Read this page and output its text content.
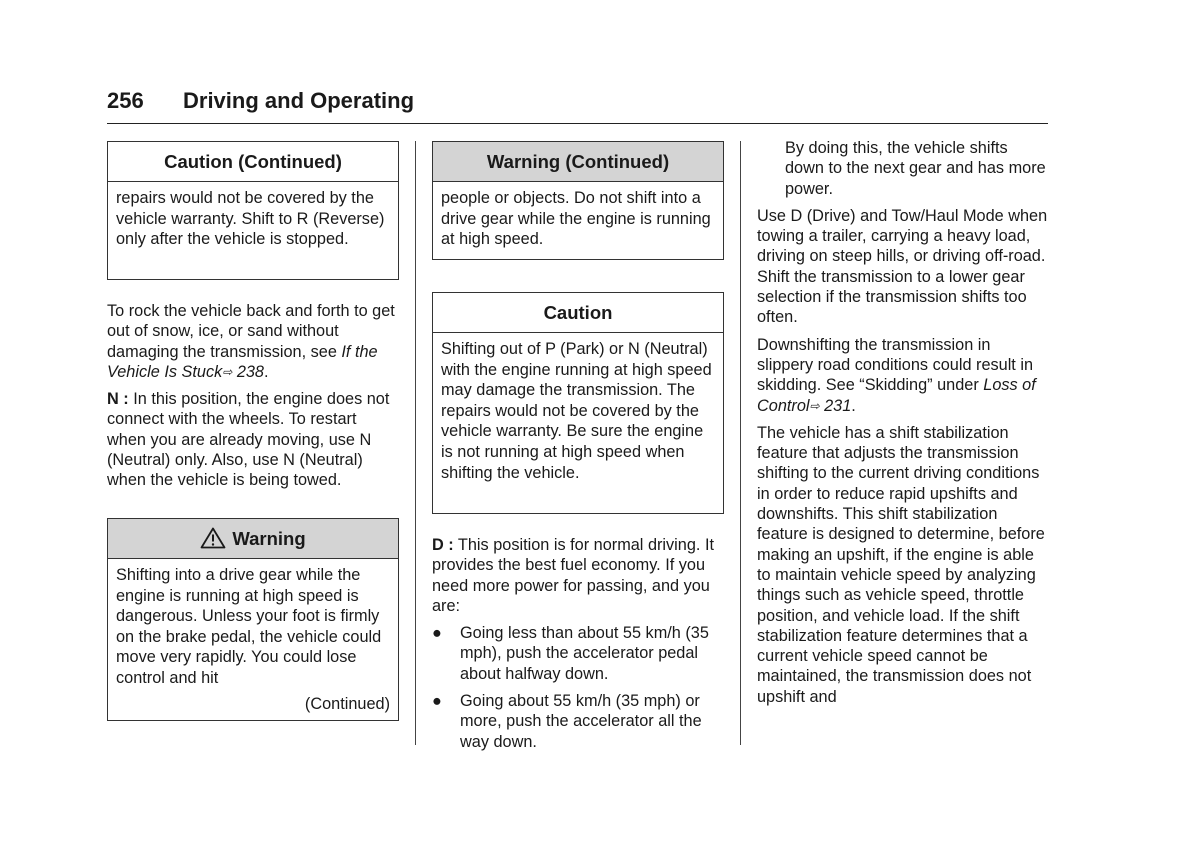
256 Driving and Operating
Caution (Continued)
repairs would not be covered by the vehicle warranty. Shift to R (Reverse) only after the vehicle is stopped.

To rock the vehicle back and forth to get out of snow, ice, or sand without damaging the transmission, see If the Vehicle Is Stuck⇨ 238.

N : In this position, the engine does not connect with the wheels. To restart when you are already moving, use N (Neutral) only. Also, use N (Neutral) when the vehicle is being towed.

Warning
Shifting into a drive gear while the engine is running at high speed is dangerous. Unless your foot is firmly on the brake pedal, the vehicle could move very rapidly. You could lose control and hit
(Continued)
Warning (Continued)
people or objects. Do not shift into a drive gear while the engine is running at high speed.
Caution
Shifting out of P (Park) or N (Neutral) with the engine running at high speed may damage the transmission. The repairs would not be covered by the vehicle warranty. Be sure the engine is not running at high speed when shifting the vehicle.

D : This position is for normal driving. It provides the best fuel economy. If you need more power for passing, and you are:

● Going less than about 55 km/h (35 mph), push the accelerator pedal about halfway down.
● Going about 55 km/h (35 mph) or more, push the accelerator all the way down.

By doing this, the vehicle shifts down to the next gear and has more power.

Use D (Drive) and Tow/Haul Mode when towing a trailer, carrying a heavy load, driving on steep hills, or driving off-road. Shift the transmission to a lower gear selection if the transmission shifts too often.

Downshifting the transmission in slippery road conditions could result in skidding. See “Skidding” under Loss of Control⇨ 231.

The vehicle has a shift stabilization feature that adjusts the transmission shifting to the current driving conditions in order to reduce rapid upshifts and downshifts. This shift stabilization feature is designed to determine, before making an upshift, if the engine is able to maintain vehicle speed by analyzing things such as vehicle speed, throttle position, and vehicle load. If the shift stabilization feature determines that a current vehicle speed cannot be maintained, the transmission does not upshift and
